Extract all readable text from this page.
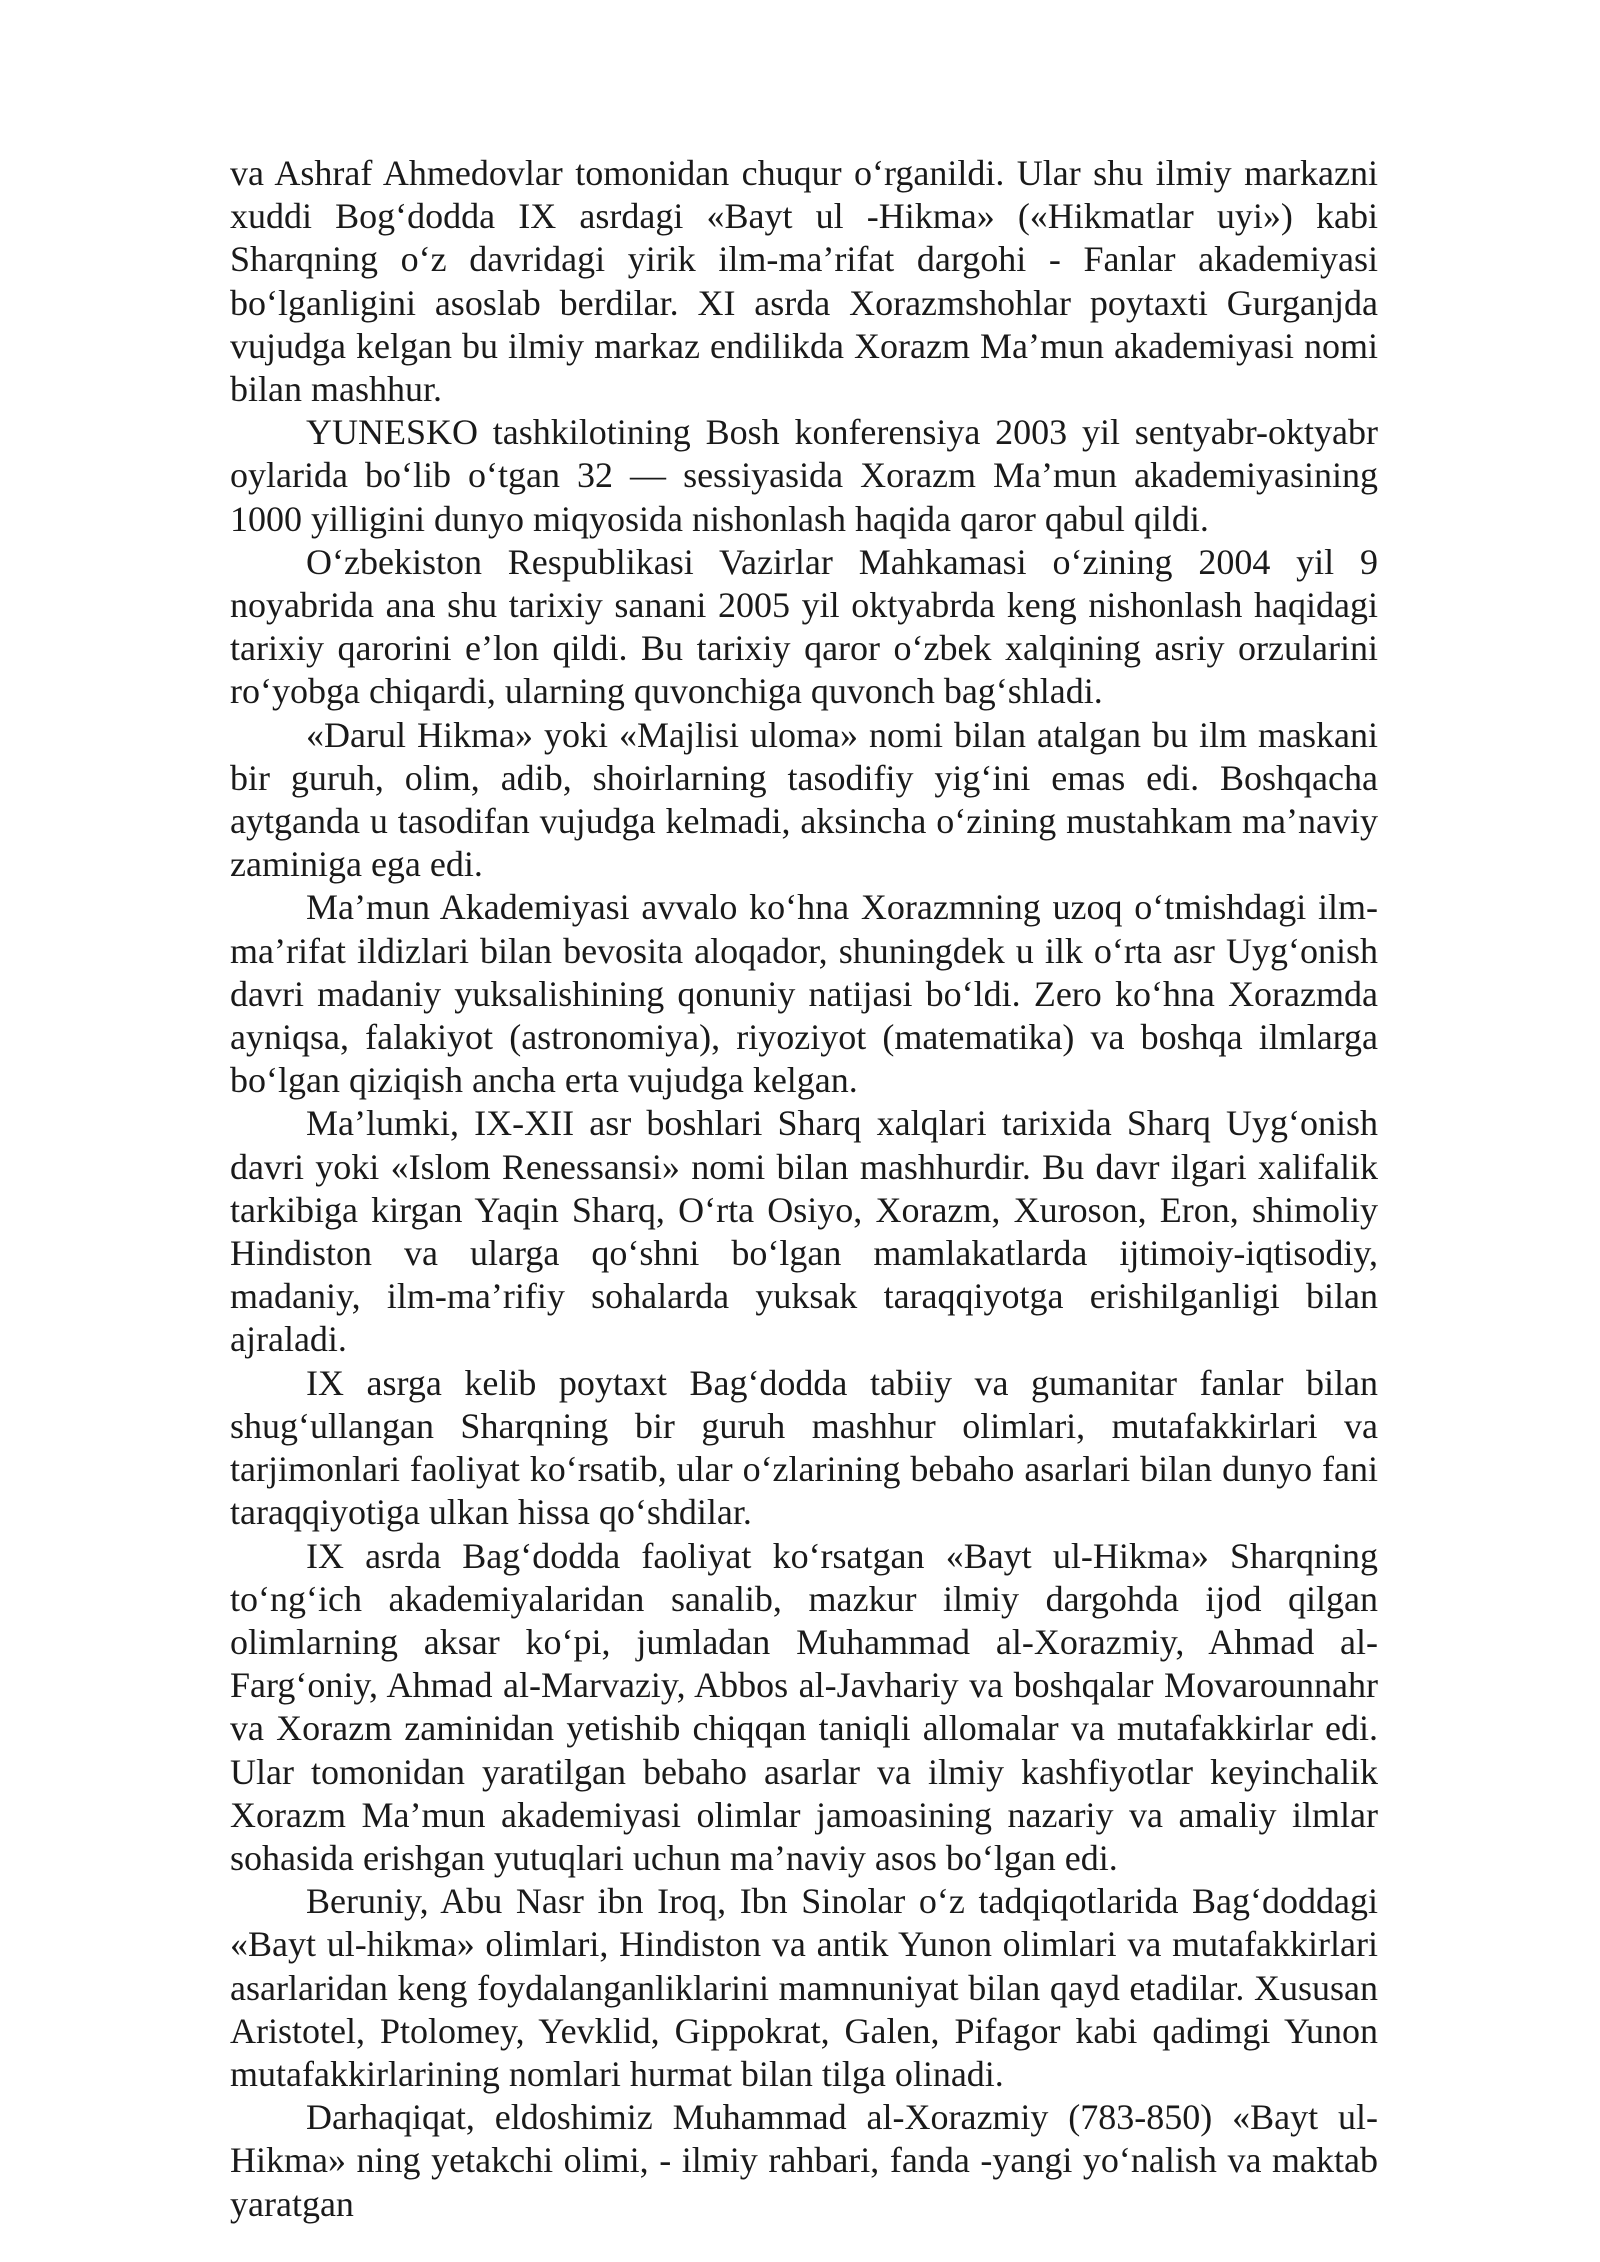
va Ashraf Ahmedovlar tomonidan chuqur o‘rganildi. Ular shu ilmiy markazni xuddi Bog‘dodda IX asrdagi «Bayt ul -Hikma» («Hikmatlar uyi») kabi Sharqning o‘z davridagi yirik ilm-ma’rifat dargohi - Fanlar akademiyasi bo‘lganligini asoslab berdilar. XI asrda Xorazmshohlar poytaxti Gurganjda vujudga kelgan bu ilmiy markaz endilikda Xorazm Ma’mun akademiyasi nomi bilan mashhur.

YUNESKO tashkilotining Bosh konferensiya 2003 yil sentyabr-oktyabr oylarida bo‘lib o‘tgan 32 — sessiyasida Xorazm Ma’mun akademiyasining 1000 yilligini dunyo miqyosida nishonlash haqida qaror qabul qildi.

O‘zbekiston Respublikasi Vazirlar Mahkamasi o‘zining 2004 yil 9 noyabrida ana shu tarixiy sanani 2005 yil oktyabrda keng nishonlash haqidagi tarixiy qarorini e’lon qildi. Bu tarixiy qaror o‘zbek xalqining asriy orzularini ro‘yobga chiqardi, ularning quvonchiga quvonch bag‘shladi.

«Darul Hikma» yoki «Majlisi uloma» nomi bilan atalgan bu ilm maskani bir guruh, olim, adib, shoirlarning tasodifiy yig‘ini emas edi. Boshqacha aytganda u tasodifan vujudga kelmadi, aksincha o‘zining mustahkam ma’naviy zaminiga ega edi.

Ma’mun Akademiyasi avvalo ko‘hna Xorazmning uzoq o‘tmishdagi ilm-ma’rifat ildizlari bilan bevosita aloqador, shuningdek u ilk o‘rta asr Uyg‘onish davri madaniy yuksalishining qonuniy natijasi bo‘ldi. Zero ko‘hna Xorazmda ayniqsa, falakiyot (astronomiya), riyoziyot (matematika) va boshqa ilmlarga bo‘lgan qiziqish ancha erta vujudga kelgan.

Ma’lumki, IX-XII asr boshlari Sharq xalqlari tarixida Sharq Uyg‘onish davri yoki «Islom Renessansi» nomi bilan mashhurdir. Bu davr ilgari xalifalik tarkibiga kirgan Yaqin Sharq, O‘rta Osiyo, Xorazm, Xuroson, Eron, shimoliy Hindiston va ularga qo‘shni bo‘lgan mamlakatlarda ijtimoiy-iqtisodiy, madaniy, ilm-ma’rifiy sohalarda yuksak taraqqiyotga erishilganligi bilan ajraladi.

IX asrga kelib poytaxt Bag‘dodda tabiiy va gumanitar fanlar bilan shug‘ullangan Sharqning bir guruh mashhur olimlari, mutafakkirlari va tarjimonlari faoliyat ko‘rsatib, ular o‘zlarining bebaho asarlari bilan dunyo fani taraqqiyotiga ulkan hissa qo‘shdilar.

IX asrda Bag‘dodda faoliyat ko‘rsatgan «Bayt ul-Hikma» Sharqning to‘ng‘ich akademiyalaridan sanalib, mazkur ilmiy dargohda ijod qilgan olimlarning aksar ko‘pi, jumladan Muhammad al-Xorazmiy, Ahmad al-Farg‘oniy, Ahmad al-Marvaziy, Abbos al-Javhariy va boshqalar Movarounnahr va Xorazm zaminidan yetishib chiqqan taniqli allomalar va mutafakkirlar edi. Ular tomonidan yaratilgan bebaho asarlar va ilmiy kashfiyotlar keyinchalik Xorazm Ma’mun akademiyasi olimlar jamoasining nazariy va amaliy ilmlar sohasida erishgan yutuqlari uchun ma’naviy asos bo‘lgan edi.

Beruniy, Abu Nasr ibn Iroq, Ibn Sinolar o‘z tadqiqotlarida Bag‘doddagi «Bayt ul-hikma» olimlari, Hindiston va antik Yunon olimlari va mutafakkirlari asarlaridan keng foydalanganliklarini mamnuniyat bilan qayd etadilar. Xususan Aristotel, Ptolomey, Yevklid, Gippokrat, Galen, Pifagor kabi qadimgi Yunon mutafakkirlarining nomlari hurmat bilan tilga olinadi.

Darhaqiqat, eldoshimiz Muhammad al-Xorazmiy (783-850) «Bayt ul-Hikma» ning yetakchi olimi, - ilmiy rahbari, fanda -yangi yo‘nalish va maktab yaratgan
